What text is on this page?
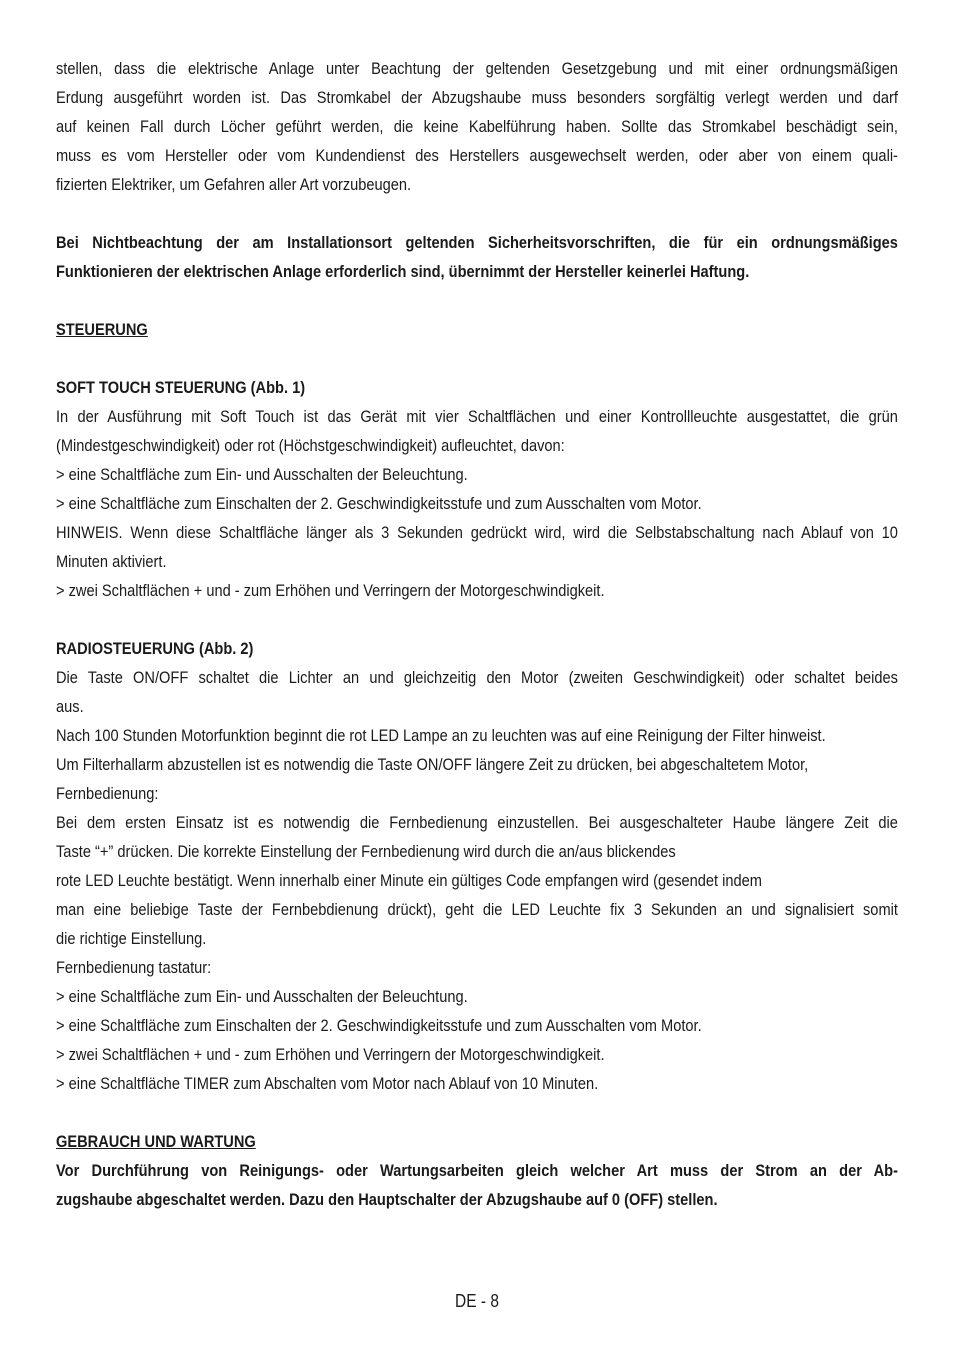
stellen, dass die elektrische Anlage unter Beachtung der geltenden Gesetzgebung und mit einer ordnungsmäßigen

Erdung ausgeführt worden ist. Das Stromkabel der Abzugshaube muss besonders sorgfältig verlegt werden und darf

auf keinen Fall durch Löcher geführt werden, die keine Kabelführung haben. Sollte das Stromkabel beschädigt sein,

muss es vom Hersteller oder vom Kundendienst des Herstellers ausgewechselt werden, oder aber von einem quali-

fizierten Elektriker, um Gefahren aller Art vorzubeugen.

Bei Nichtbeachtung der am Installationsort geltenden Sicherheitsvorschriften, die für ein ordnungsmäßiges

Funktionieren der elektrischen Anlage erforderlich sind, übernimmt der Hersteller keinerlei Haftung.

STEUERUNG

SOFT TOUCH STEUERUNG (Abb. 1)

In der Ausführung mit Soft Touch ist das Gerät mit vier Schaltflächen und einer Kontrollleuchte ausgestattet, die grün

(Mindestgeschwindigkeit) oder rot (Höchstgeschwindigkeit) aufleuchtet, davon:

> eine Schaltfläche zum Ein- und Ausschalten der Beleuchtung.

> eine Schaltfläche zum Einschalten der 2. Geschwindigkeitsstufe und zum Ausschalten vom Motor.

HINWEIS. Wenn diese Schaltfläche länger als 3 Sekunden gedrückt wird, wird die Selbstabschaltung nach Ablauf von 10

Minuten aktiviert.

> zwei Schaltflächen + und - zum Erhöhen und Verringern der Motorgeschwindigkeit.

RADIOSTEUERUNG (Abb. 2)

Die Taste ON/OFF schaltet die Lichter an und gleichzeitig den Motor (zweiten Geschwindigkeit) oder schaltet beides

aus.

Nach 100 Stunden Motorfunktion beginnt die rot LED Lampe an zu leuchten was auf eine Reinigung der Filter hinweist.

Um Filterhallarm abzustellen ist es notwendig die Taste ON/OFF längere Zeit zu drücken, bei abgeschaltetem Motor,

Fernbedienung:

Bei dem ersten Einsatz ist es notwendig die Fernbedienung einzustellen. Bei ausgeschalteter Haube längere Zeit die

Taste “+” drücken. Die korrekte Einstellung der Fernbedienung wird durch die an/aus blickendes

rote LED Leuchte bestätigt. Wenn innerhalb einer Minute ein gültiges Code empfangen wird (gesendet indem

man eine beliebige Taste der Fernbebdienung drückt), geht die LED Leuchte fix 3 Sekunden an und signalisiert somit

die richtige Einstellung.

Fernbedienung tastatur:

> eine Schaltfläche zum Ein- und Ausschalten der Beleuchtung.

> eine Schaltfläche zum Einschalten der 2. Geschwindigkeitsstufe und zum Ausschalten vom Motor.

> zwei Schaltflächen + und - zum Erhöhen und Verringern der Motorgeschwindigkeit.

> eine Schaltfläche TIMER zum Abschalten vom Motor nach Ablauf von 10 Minuten.

GEBRAUCH UND WARTUNG

Vor Durchführung von Reinigungs- oder Wartungsarbeiten gleich welcher Art muss der Strom an der Ab-

zugshaube abgeschaltet werden. Dazu den Hauptschalter der Abzugshaube auf 0 (OFF) stellen.

DE - 8
